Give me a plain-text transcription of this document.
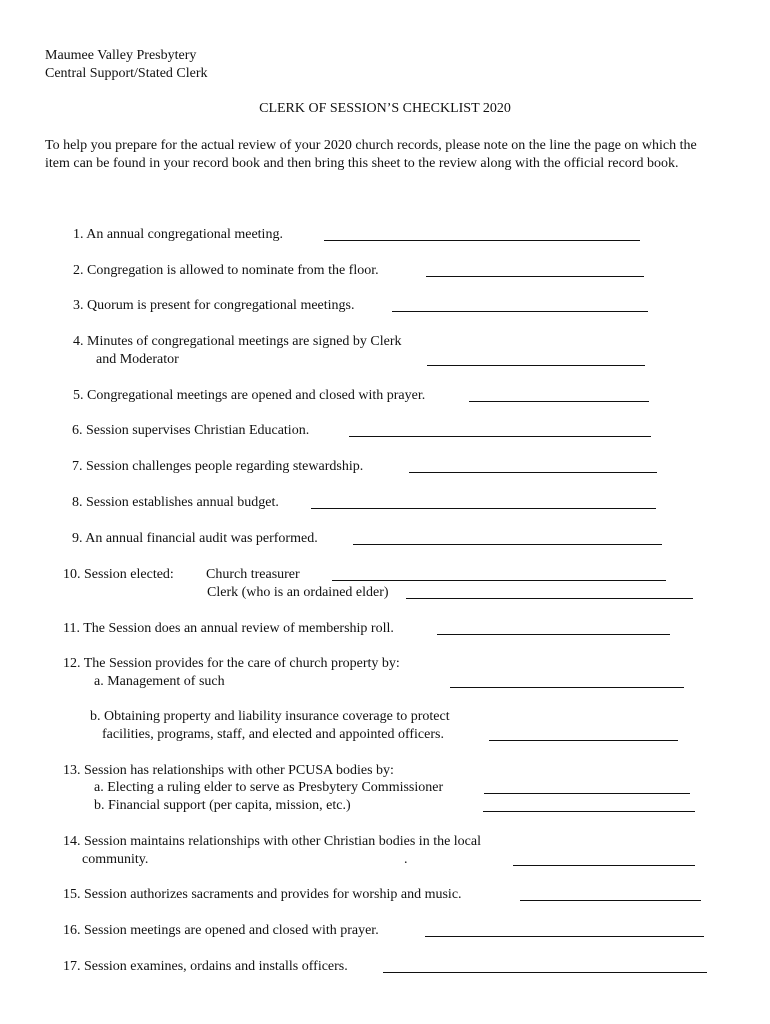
Maumee Valley Presbytery
Central Support/Stated Clerk
CLERK OF SESSION’S CHECKLIST 2020
To help you prepare for the actual review of your 2020 church records, please note on the line the page on which the item can be found in your record book and then bring this sheet to the review along with the official record book.
1. An annual congregational meeting.
2. Congregation is allowed to nominate from the floor.
3. Quorum is present for congregational meetings.
4. Minutes of congregational meetings are signed by Clerk
and Moderator
5. Congregational meetings are opened and closed with prayer.
6. Session supervises Christian Education.
7. Session challenges people regarding stewardship.
8. Session establishes annual budget.
9. An annual financial audit was performed.
10. Session elected: Church treasurer
Clerk (who is an ordained elder)
11. The Session does an annual review of membership roll.
12. The Session provides for the care of church property by:
a. Management of such
b. Obtaining property and liability insurance coverage to protect
facilities, programs, staff, and elected and appointed officers.
13. Session has relationships with other PCUSA bodies by:
a. Electing a ruling elder to serve as Presbytery Commissioner
b. Financial support (per capita, mission, etc.)
14. Session maintains relationships with other Christian bodies in the local
community.	.
15. Session authorizes sacraments and provides for worship and music.
16. Session meetings are opened and closed with prayer.
17. Session examines, ordains and installs officers.
